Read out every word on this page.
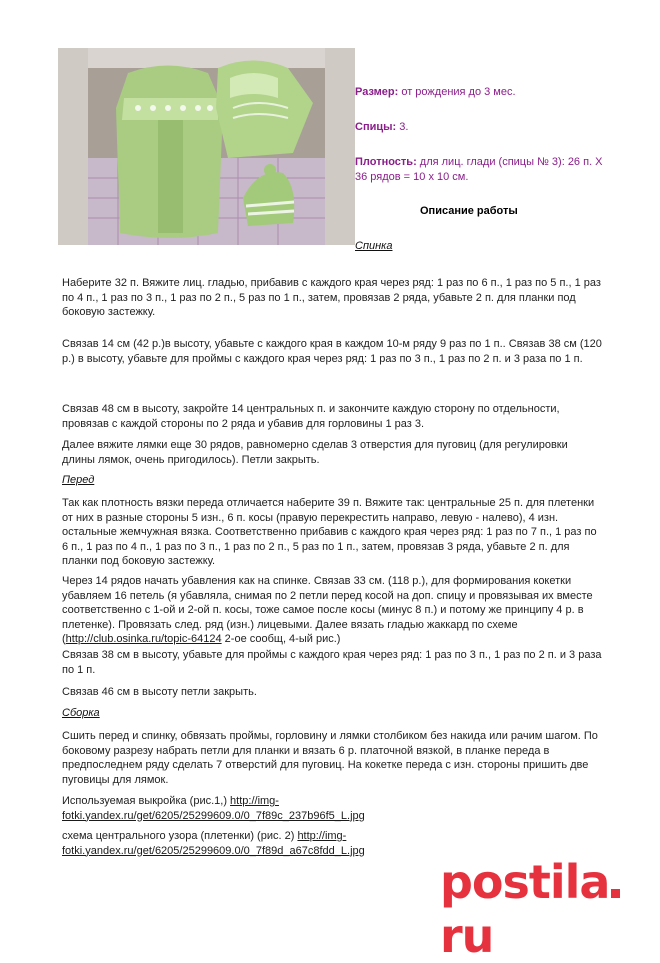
Размер: от рождения до 3 мес.
Спицы: 3.
Плотность: для лиц. глади (спицы № 3): 26 п. Х 36 рядов = 10 х 10 см.
Описание работы
Спинка

Наберите 32 п. Вяжите лиц. гладью, прибавив с каждого края через ряд: 1 раз по 6 п., 1 раз по 5 п., 1 раз по 4 п., 1 раз по 3 п., 1 раз по 2 п., 5 раз по 1 п., затем, провязав 2 ряда, убавьте 2 п. для планки под боковую застежку.

Связав 14 см (42 р.)в высоту, убавьте с каждого края в каждом 10-м ряду 9 раз по 1 п.. Связав 38 см (120 р.) в высоту, убавьте для проймы с каждого края через ряд: 1 раз по 3 п., 1 раз по 2 п. и 3 раза по 1 п.

Связав 48 см в высоту, закройте 14 центральных п. и закончите каждую сторону по отдельности, провязав с каждой стороны по 2 ряда и убавив для горловины 1 раз 3.

Далее вяжите лямки еще 30 рядов, равномерно сделав 3 отверстия для пуговиц (для регулировки длины лямок, очень пригодилось). Петли закрыть.

Перед

Так как плотность вязки переда отличается наберите 39 п. Вяжите так: центральные 25 п. для плетенки от них в разные стороны 5 изн., 6 п. косы (правую перекрестить направо, левую - налево), 4 изн. остальные жемчужная вязка. Соответственно прибавив с каждого края через ряд: 1 раз по 7 п., 1 раз по 6 п., 1 раз по 4 п., 1 раз по 3 п., 1 раз по 2 п., 5 раз по 1 п., затем, провязав 3 ряда, убавьте 2 п. для планки под боковую застежку.

Через 14 рядов начать убавления как на спинке. Связав 33 см. (118 р.), для формирования кокетки убавляем 16 петель (я убавляла, снимая по 2 петли перед косой на доп. спицу и провязывая их вместе соответственно с 1-ой и 2-ой п. косы, тоже самое после косы (минус 8 п.) и потому же принципу 4 р. в плетенке). Провязать след. ряд (изн.) лицевыми. Далее вязать гладью жаккард по схеме (http://club.osinka.ru/topic-64124 2-ое сообщ, 4-ый рис.)

Связав 38 см в высоту, убавьте для проймы с каждого края через ряд: 1 раз по 3 п., 1 раз по 2 п. и 3 раза по 1 п.

Связав 46 см в высоту петли закрыть.

Сборка

Сшить перед и спинку, обвязать проймы, горловину и лямки столбиком без накида или рачим шагом. По боковому разрезу набрать петли для планки и вязать 6 р. платочной вязкой, в планке переда в предпоследнем ряду сделать 7 отверстий для пуговиц. На кокетке переда с изн. стороны пришить две пуговицы для лямок.

Используемая выкройка (рис.1,) http://img-fotki.yandex.ru/get/6205/25299609.0/0_7f89c_237b96f5_L.jpg

схема центрального узора (плетенки) (рис. 2) http://img-fotki.yandex.ru/get/6205/25299609.0/0_7f89d_a67c8fdd_L.jpg

postilaru
